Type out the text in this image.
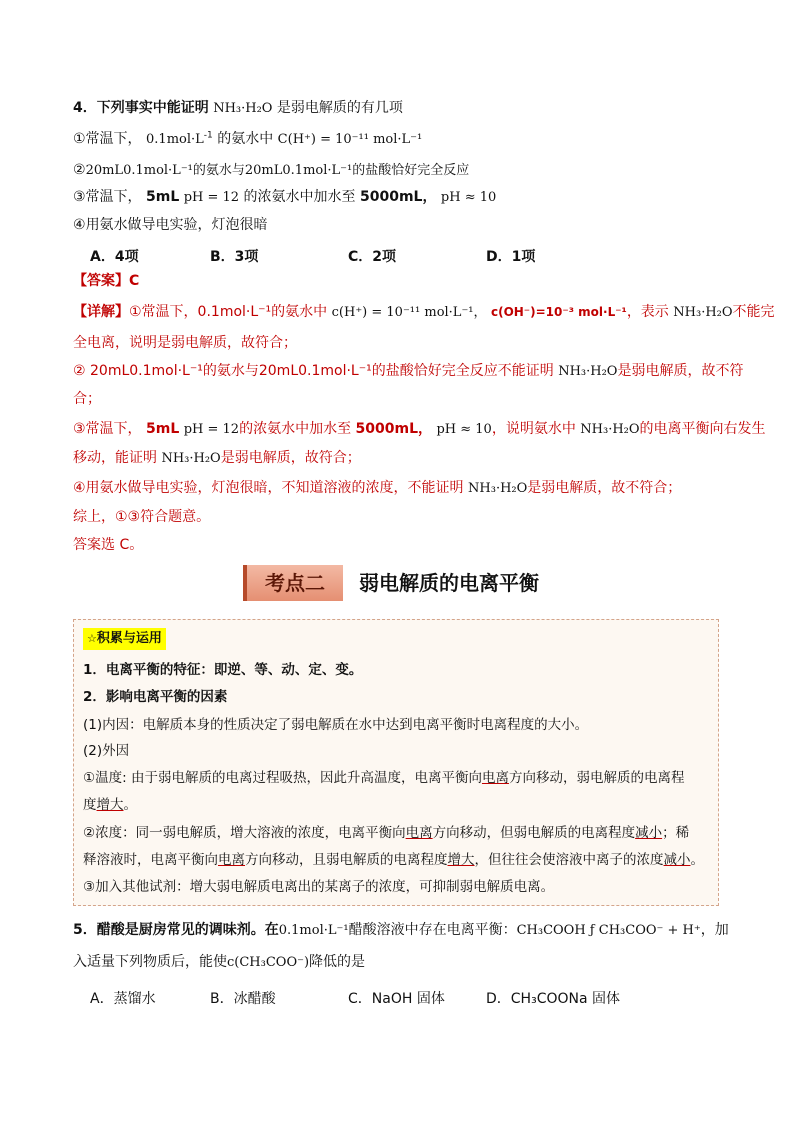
4．下列事实中能证明 NH₃·H₂O 是弱电解质的有几项
①常温下， $0.1mol\cdot L^{-1}$ 的氨水中 C(H⁺) = 10⁻¹¹ mol·L⁻¹
②20mL0.1mol·L⁻¹的氨水与20mL0.1mol·L⁻¹的盐酸恰好完全反应
③常温下， 5mL pH = 12 的浓氨水中加水至 5000mL， pH ≈ 10
④用氨水做导电实验，灯泡很暗
A．4项	B．3项	C．2项	D．1项
【答案】C
【详解】①常温下，0.1mol·L⁻¹的氨水中 c(H⁺) = 10⁻¹¹ mol·L⁻¹， c(OH⁻)=10⁻³ mol·L⁻¹，表示 NH₃·H₂O不能完
全电离，说明是弱电解质，故符合；
② 20mL0.1mol·L⁻¹的氨水与20mL0.1mol·L⁻¹的盐酸恰好完全反应不能证明 NH₃·H₂O是弱电解质，故不符
合；
③常温下， 5mL pH = 12的浓氨水中加水至 5000mL， pH ≈ 10，说明氨水中 NH₃·H₂O的电离平衡向右发生
移动，能证明 NH₃·H₂O是弱电解质，故符合；
④用氨水做导电实验，灯泡很暗，不知道溶液的浓度，不能证明 NH₃·H₂O是弱电解质，故不符合；
综上，①③符合题意。
答案选 C。
考点二	弱电解质的电离平衡
☆积累与运用
1．电离平衡的特征：即逆、等、动、定、变。
2．影响电离平衡的因素
(1)内因：电解质本身的性质决定了弱电解质在水中达到电离平衡时电离程度的大小。
(2)外因
①温度: 由于弱电解质的电离过程吸热，因此升高温度，电离平衡向电离方向移动，弱电解质的电离程
度增大。
②浓度：同一弱电解质，增大溶液的浓度，电离平衡向电离方向移动，但弱电解质的电离程度减小；稀
释溶液时，电离平衡向电离方向移动，且弱电解质的电离程度增大，但往往会使溶液中离子的浓度减小。
③加入其他试剂：增大弱电解质电离出的某离子的浓度，可抑制弱电解质电离。
5．醋酸是厨房常见的调味剂。在0.1mol·L⁻¹醋酸溶液中存在电离平衡：CH₃COOH ƒ CH₃COO⁻ + H⁺，加
入适量下列物质后，能使c(CH₃COO⁻)降低的是
A．蒸馏水	B．冰醋酸	C．NaOH 固体	D．CH₃COONa 固体
